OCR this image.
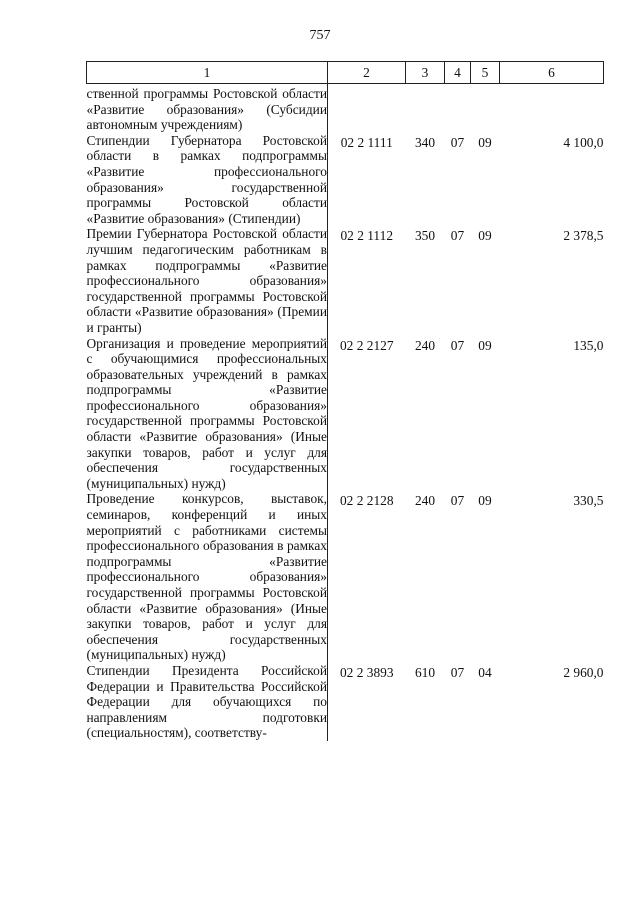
757
1	2	3	4	5	6
ственной программы Ростовской области «Развитие образования» (Субсидии автономным учреждениям)					
Стипендии Губернатора Ростовской области в рамках подпрограммы «Развитие профессионального образования» государственной программы Ростовской области «Развитие образования» (Стипендии)	02 2 1111	340	07	09	4 100,0
Премии Губернатора Ростовской области лучшим педагогическим работникам в рамках подпрограммы «Развитие профессионального образования» государственной программы Ростовской области «Развитие образования» (Премии и гранты)	02 2 1112	350	07	09	2 378,5
Организация и проведение мероприятий с обучающимися профессиональных образовательных учреждений в рамках подпрограммы «Развитие профессионального образования» государственной программы Ростовской области «Развитие образования» (Иные закупки товаров, работ и услуг для обеспечения государственных (муниципальных) нужд)	02 2 2127	240	07	09	135,0
Проведение конкурсов, выставок, семинаров, конференций и иных мероприятий с работниками системы профессионального образования в рамках подпрограммы «Развитие профессионального образования» государственной программы Ростовской области «Развитие образования» (Иные закупки товаров, работ и услуг для обеспечения государственных (муниципальных) нужд)	02 2 2128	240	07	09	330,5
Стипендии Президента Российской Федерации и Правительства Российской Федерации для обучающихся по направлениям подготовки (специальностям), соответству-	02 2 3893	610	07	04	2 960,0
